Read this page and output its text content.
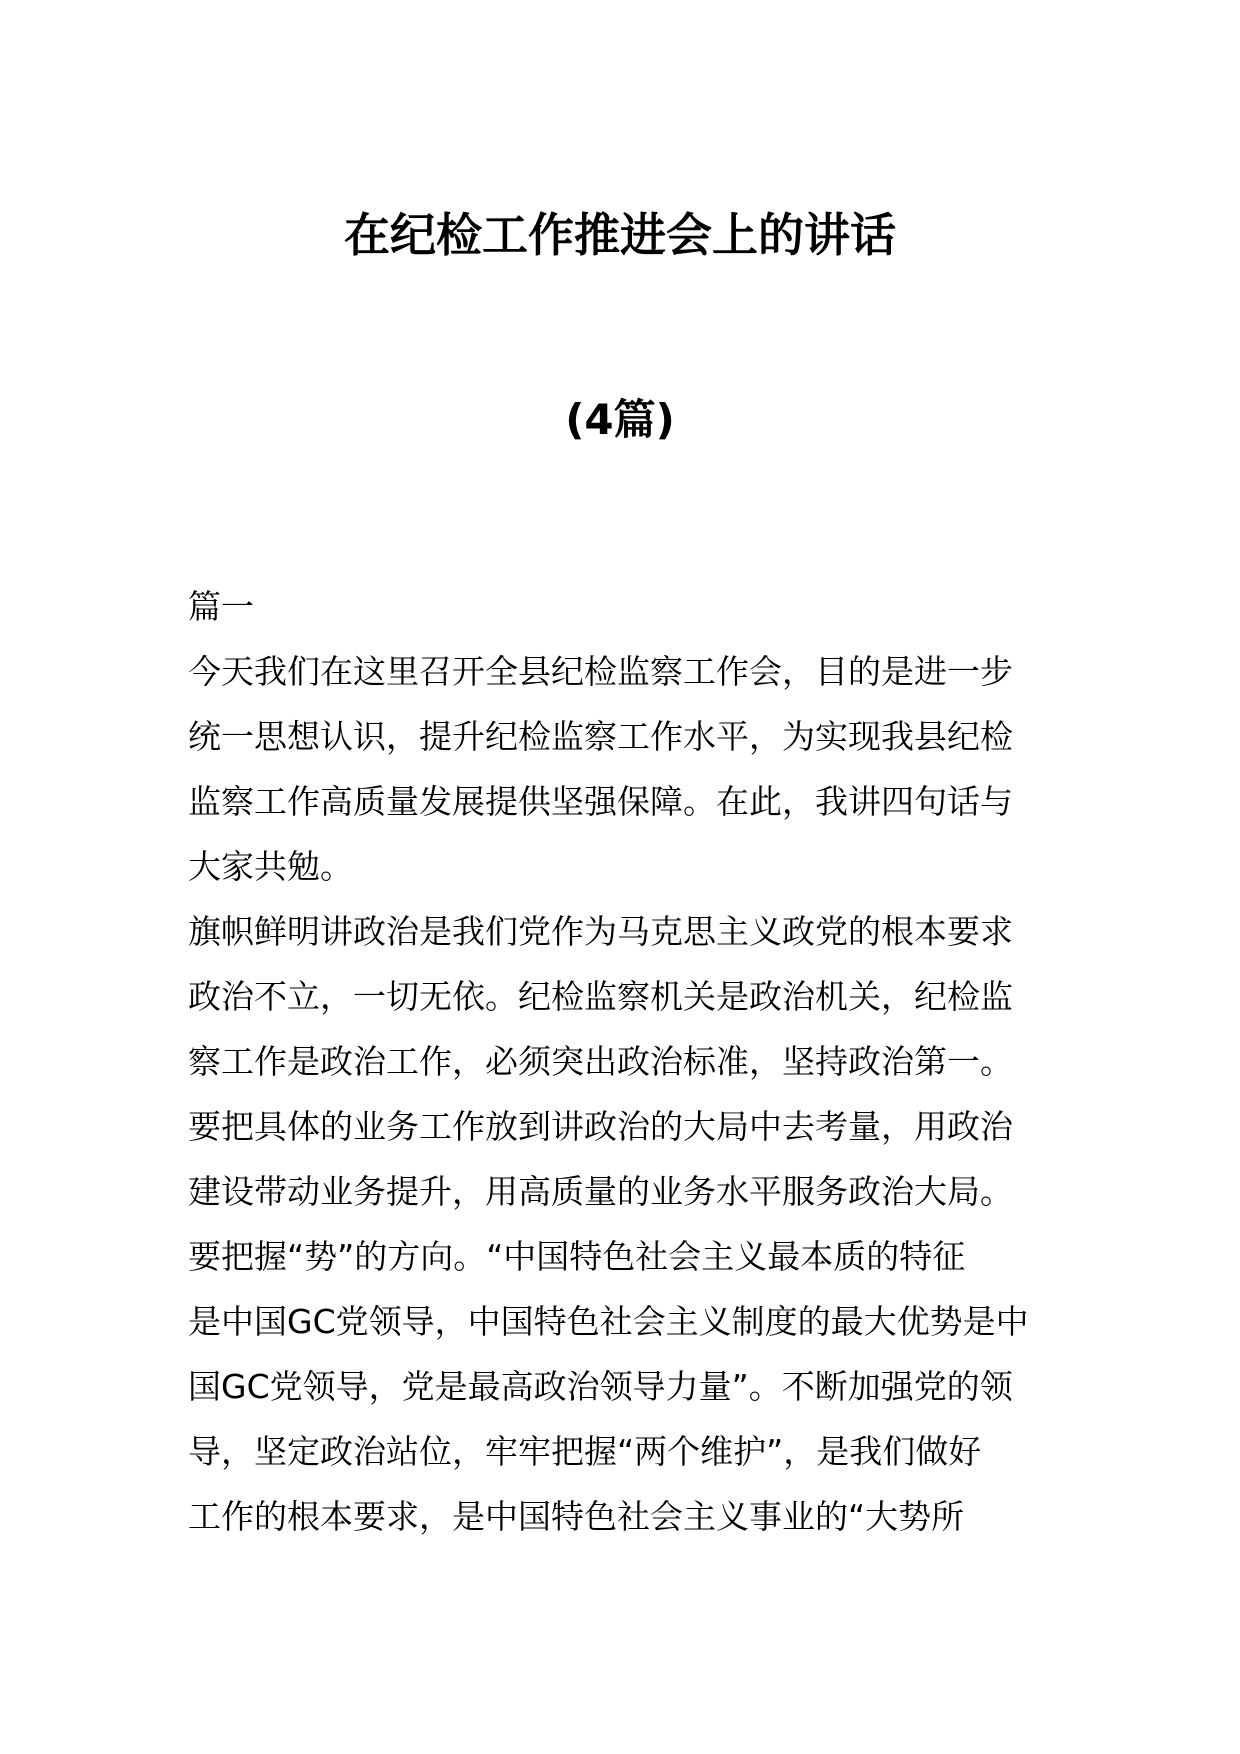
在纪检工作推进会上的讲话
(4篇)
篇一
今天我们在这里召开全县纪检监察工作会，目的是进一步
统一思想认识，提升纪检监察工作水平，为实现我县纪检
监察工作高质量发展提供坚强保障。在此，我讲四句话与
大家共勉。
旗帜鲜明讲政治是我们党作为马克思主义政党的根本要求
政治不立，一切无依。纪检监察机关是政治机关，纪检监
察工作是政治工作，必须突出政治标准，坚持政治第一。
要把具体的业务工作放到讲政治的大局中去考量，用政治
建设带动业务提升，用高质量的业务水平服务政治大局。
要把握“势”的方向。“中国特色社会主义最本质的特征
是中国GC党领导，中国特色社会主义制度的最大优势是中
国GC党领导，党是最高政治领导力量”。不断加强党的领
导，坚定政治站位，牢牢把握“两个维护”，是我们做好
工作的根本要求，是中国特色社会主义事业的“大势所
